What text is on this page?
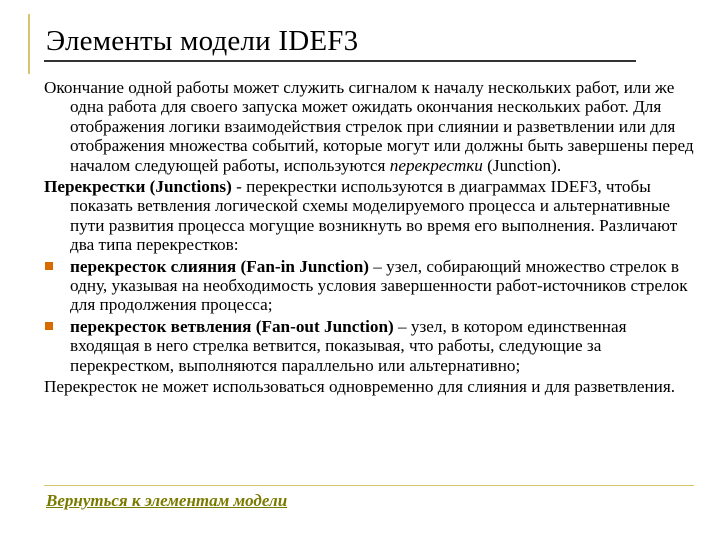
Элементы модели IDEF3

Окончание одной работы может служить сигналом к началу нескольких работ, или же одна работа для своего запуска может ожидать окончания нескольких работ. Для отображения логики взаимодействия стрелок при слиянии и разветвлении или для отображения множества событий, которые могут или должны быть завершены перед началом следующей работы, используются перекрестки (Junction).

Перекрестки (Junctions) - перекрестки используются в диаграммах IDEF3, чтобы показать ветвления логической схемы моделируемого процесса и альтернативные пути развития процесса могущие возникнуть во время его выполнения. Различают два типа перекрестков:

перекресток слияния (Fan-in Junction) – узел, собирающий множество стрелок в одну, указывая на необходимость условия завершенности работ-источников стрелок для продолжения процесса;

перекресток ветвления (Fan-out Junction) – узел, в котором единственная входящая в него стрелка ветвится, показывая, что работы, следующие за перекрестком, выполняются параллельно или альтернативно;

Перекресток не может использоваться одновременно для слияния и для разветвления.

Вернуться к элементам модели
